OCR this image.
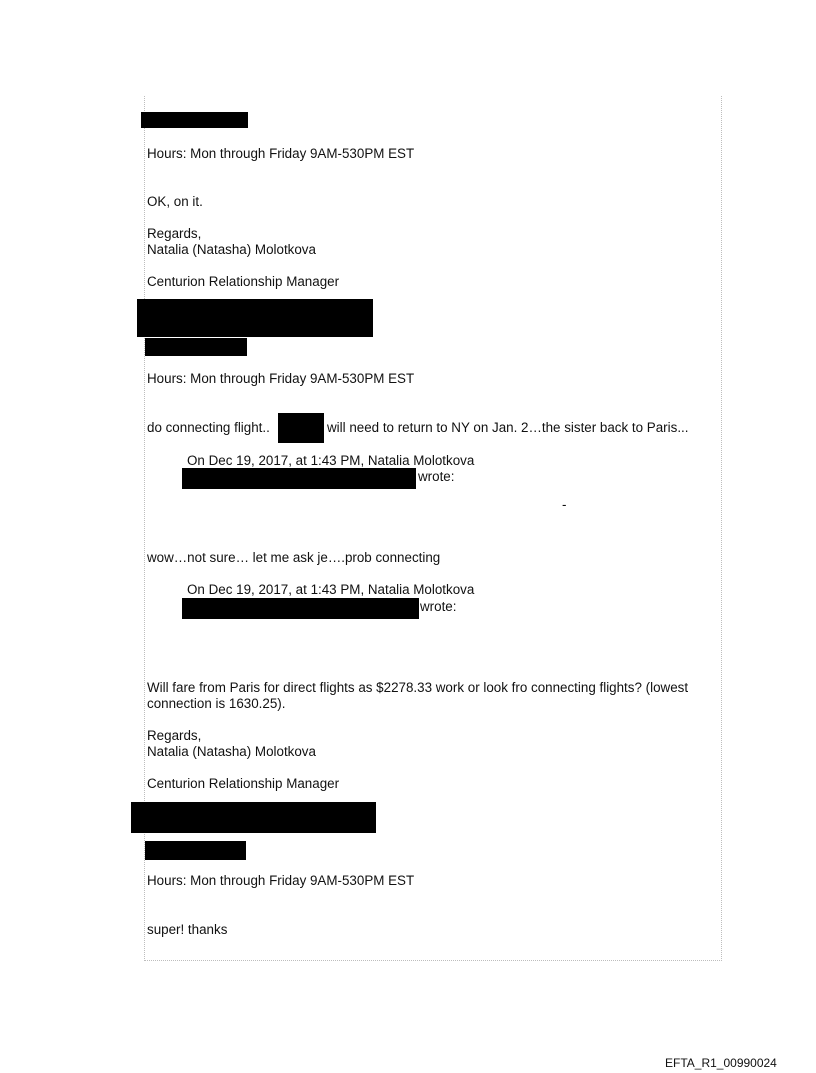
Hours: Mon through Friday 9AM-530PM EST
OK, on it.
Regards,
Natalia (Natasha) Molotkova
Centurion Relationship Manager
Hours: Mon through Friday 9AM-530PM EST
do connecting flight..	will need to return to NY on Jan. 2…the sister back to Paris...
On Dec 19, 2017, at 1:43 PM, Natalia Molotkova
wrote:
-
wow…not sure… let me ask je….prob connecting
On Dec 19, 2017, at 1:43 PM, Natalia Molotkova
wrote:
Will fare from Paris for direct flights as $2278.33 work or look fro connecting flights? (lowest connection is 1630.25).
Regards,
Natalia (Natasha) Molotkova
Centurion Relationship Manager
Hours: Mon through Friday 9AM-530PM EST
super! thanks
EFTA_R1_00990024
